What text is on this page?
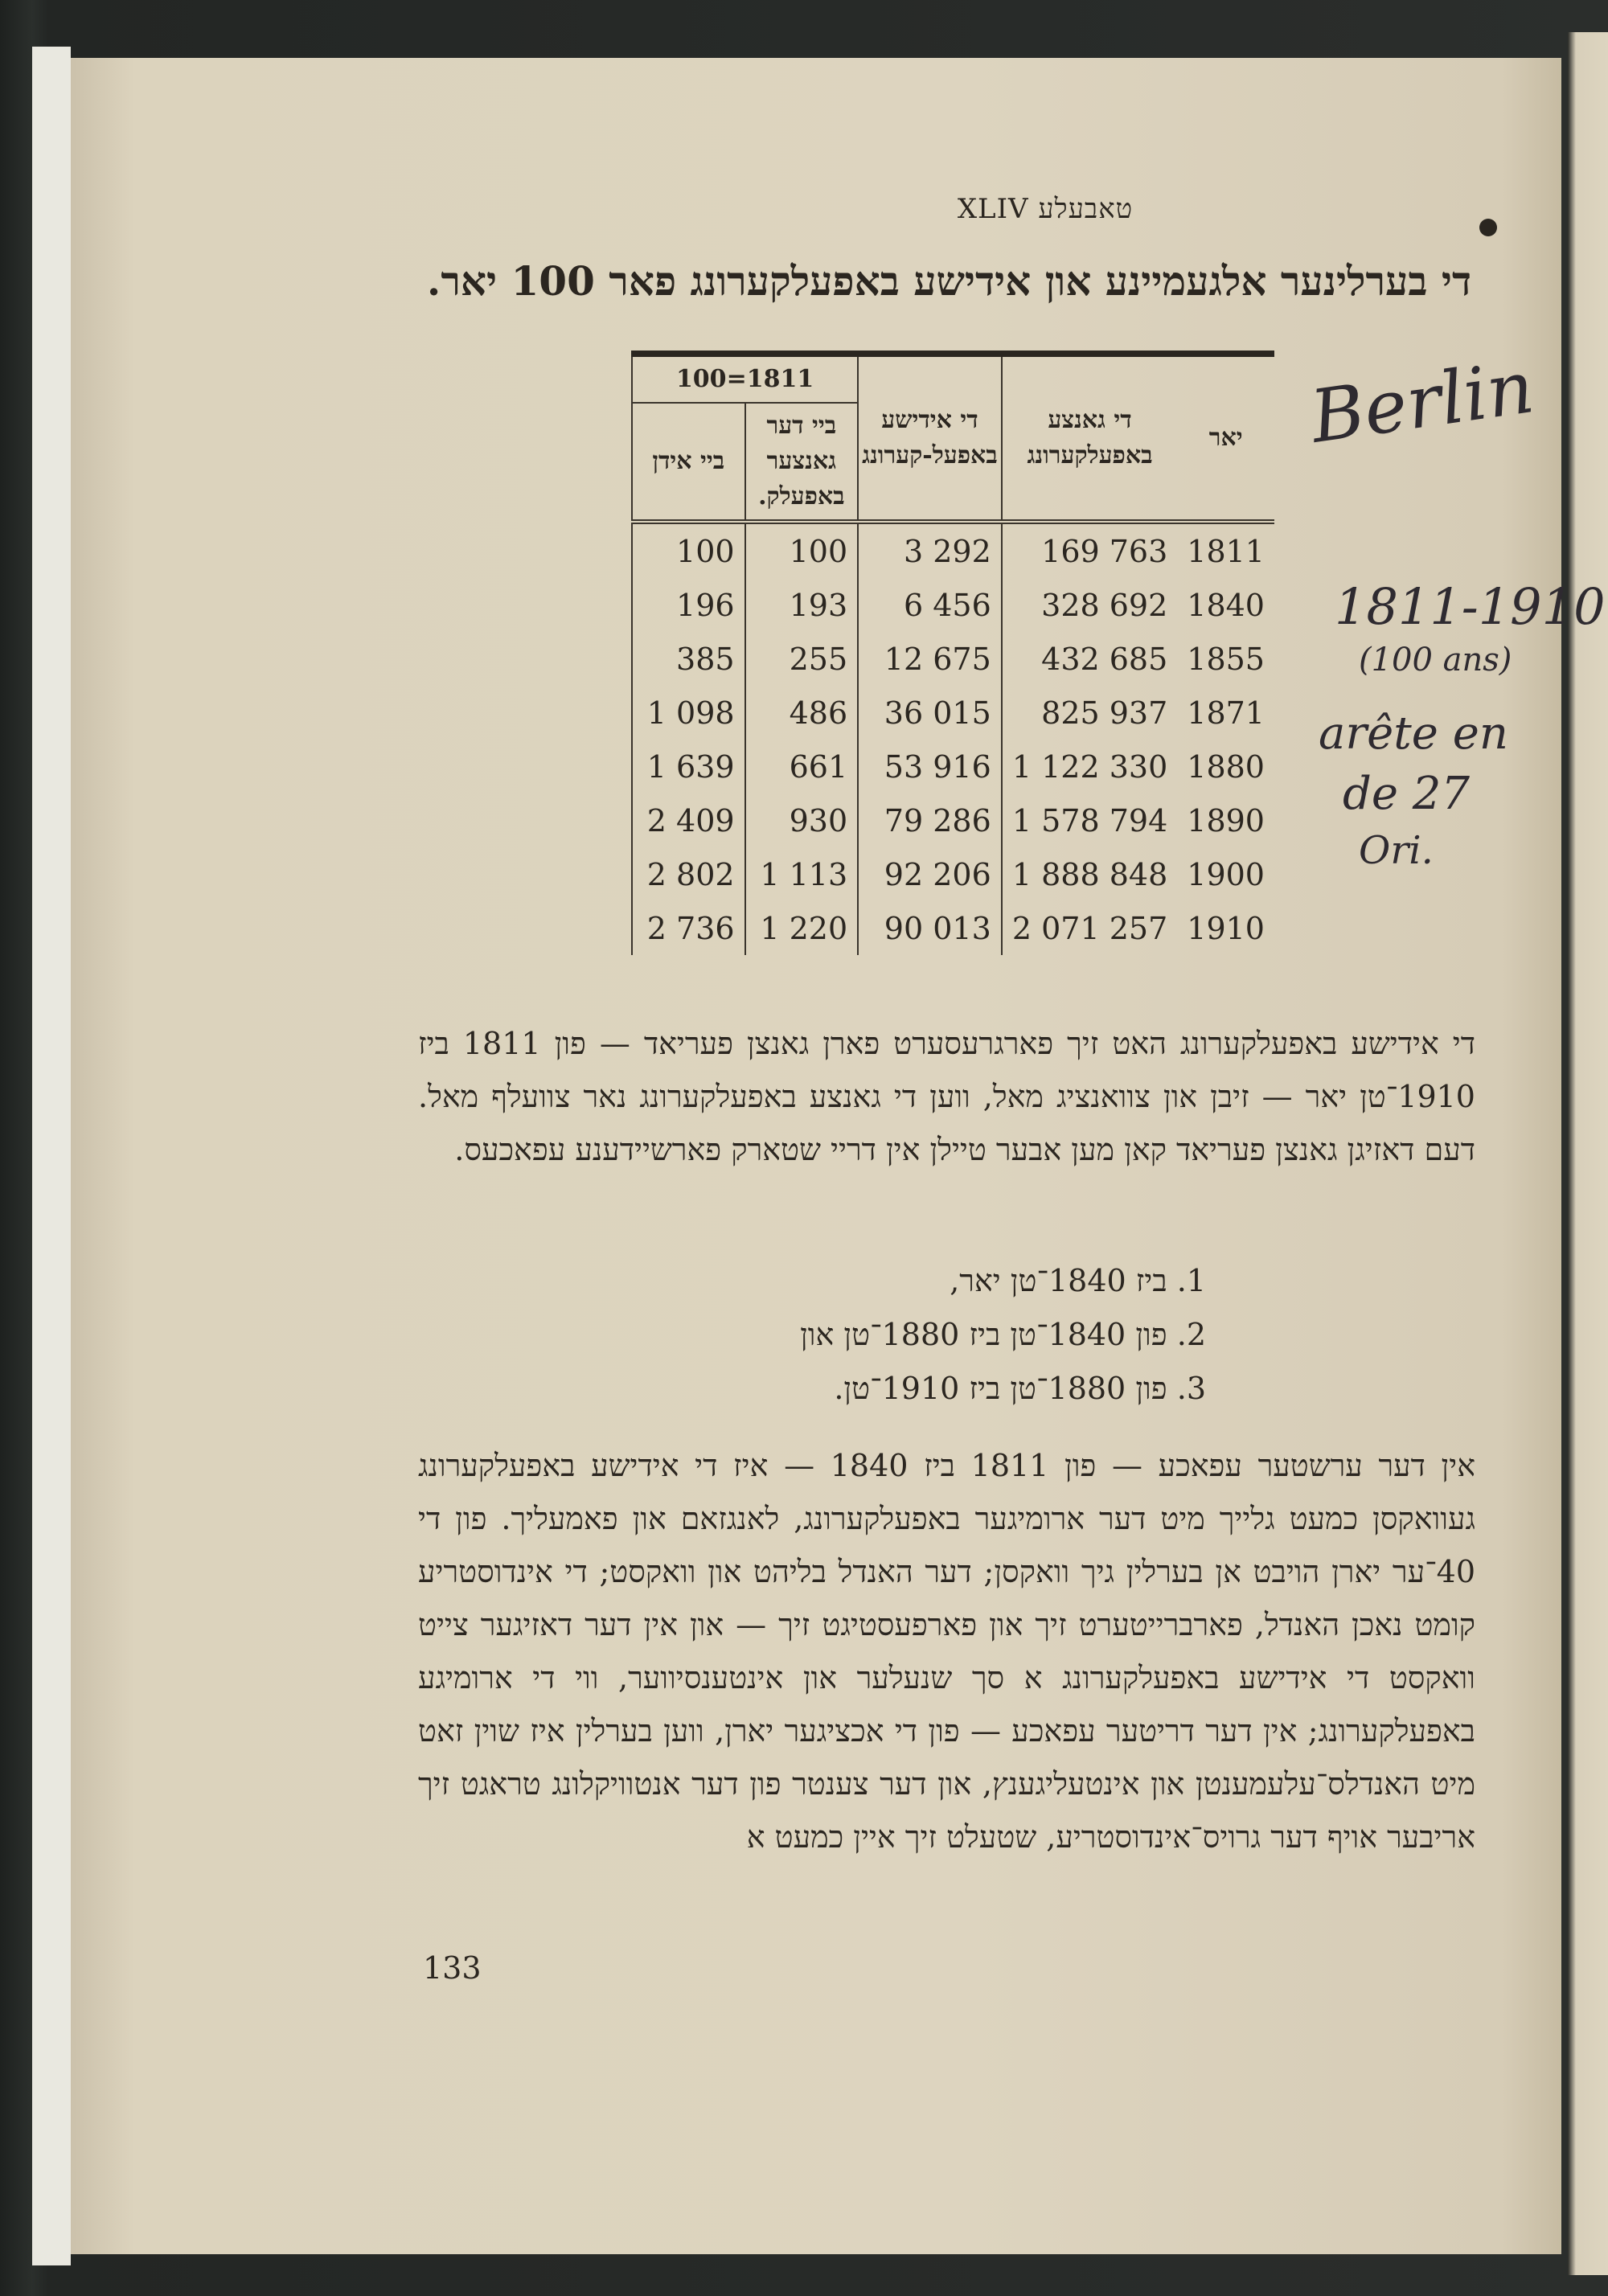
XLIV טאבעלע
די בערלינער אלגעמיינע און אידישע באפעלקערונג פאר 100 יאר.
יאר	די גאנצע באפעלקערונג	די אידישע באפעל-קערונג	1811=100	
			ביי דער גאנצער באפעלק.	ביי אידן
1811	169 763	3 292	100	100
1840	328 692	6 456	193	196
1855	432 685	12 675	255	385
1871	825 937	36 015	486	1 098
1880	1 122 330	53 916	661	1 639
1890	1 578 794	79 286	930	2 409
1900	1 888 848	92 206	1 113	2 802
1910	2 071 257	90 013	1 220	2 736
Berlin
1811-1910
(100 ans)
arête en
de 27
Ori.
די אידישע באפעלקערונג האט זיך פארגרעסערט פארן גאנצן פעריאד — פון 1811 ביז 1910־טן יאר — זיבן און צוואנציג מאל, ווען די גאנצע באפעלקערונג נאר צוועלף מאל. דעם דאזיגן גאנצן פעריאד קאן מען אבער טיילן אין דריי שטארק פארשיידענע עפאכעס.
1. ביז 1840־טן יאר,
2. פון 1840־טן ביז 1880־טן און
3. פון 1880־טן ביז 1910־טן.
אין דער ערשטער עפאכע — פון 1811 ביז 1840 — איז די אידישע באפעלקערונג געוואקסן כמעט גלייך מיט דער ארומיגער באפעלקערונג, לאנגזאם און פאמעליך. פון די 40־ער יארן הויבט אן בערלין גיך וואקסן; דער האנדל בליהט און וואקסט; די אינדוסטריע קומט נאכן האנדל, פארברייטערט זיך און פארפעסטיגט זיך — און אין דער דאזיגער צייט וואקסט די אידישע באפעלקערונג א סך שנעלער און אינטענסיווער, ווי די ארומיגע באפעלקערונג; אין דער דריטער עפאכע — פון די אכציגער יארן, ווען בערלין איז שוין זאט מיט האנדלס־עלעמענטן און אינטעליגענץ, און דער צענטר פון דער אנטוויקלונג טראגט זיך אריבער אויף דער גרויס־אינדוסטריע, שטעלט זיך איין כמעט א
133
